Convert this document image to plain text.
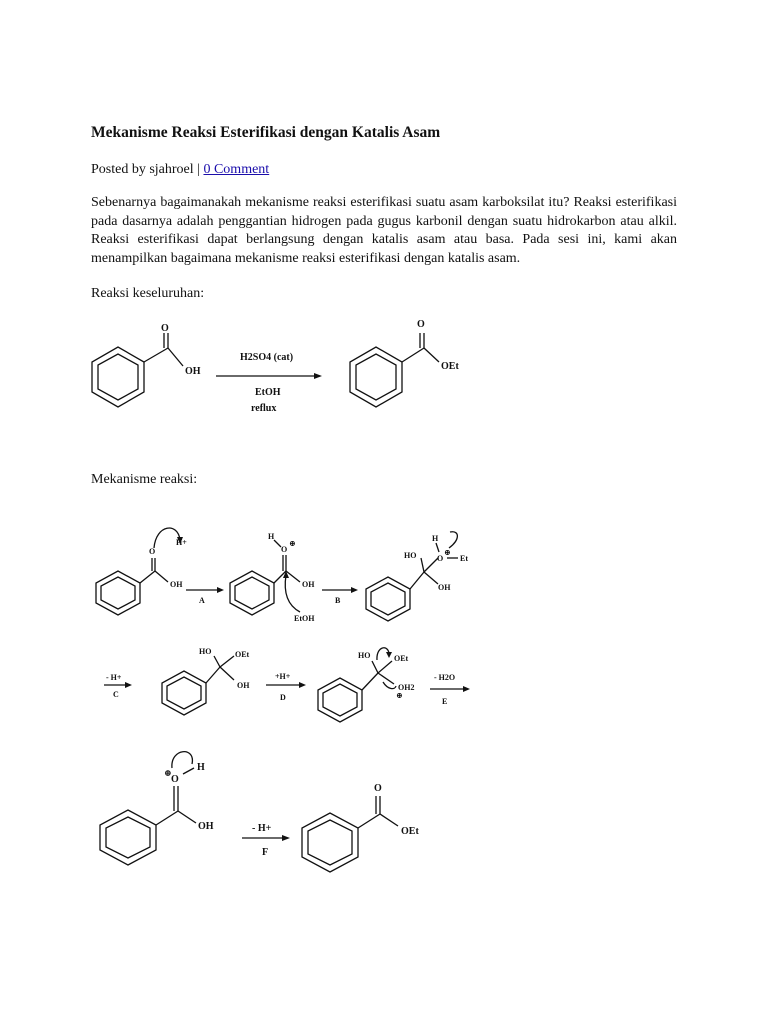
Mekanisme Reaksi Esterifikasi dengan Katalis Asam
Posted by sjahroel | 0 Comment

Sebenarnya bagaimanakah mekanisme reaksi esterifikasi suatu asam karboksilat itu? Reaksi esterifikasi pada dasarnya adalah penggantian hidrogen pada gugus karbonil dengan suatu hidrokarbon atau alkil. Reaksi esterifikasi dapat berlangsung dengan katalis asam atau basa. Pada sesi ini, kami akan menampilkan bagaimana mekanisme reaksi esterifikasi dengan katalis asam.

Reaksi keseluruhan:
O
OH
H2SO4 (cat)
EtOH
reflux
O
OEt
Mekanisme reaksi:
O
OH
H+
A
O
⊕
H
OH
EtOH
B
HO	O
⊕
Et
H
OH
- H+
C
HO	OEt
OH
+H+
D
HO	OEt
OH2
⊕
- H2O
E
O
⊕	H
OH	- H+
F
O
OEt
